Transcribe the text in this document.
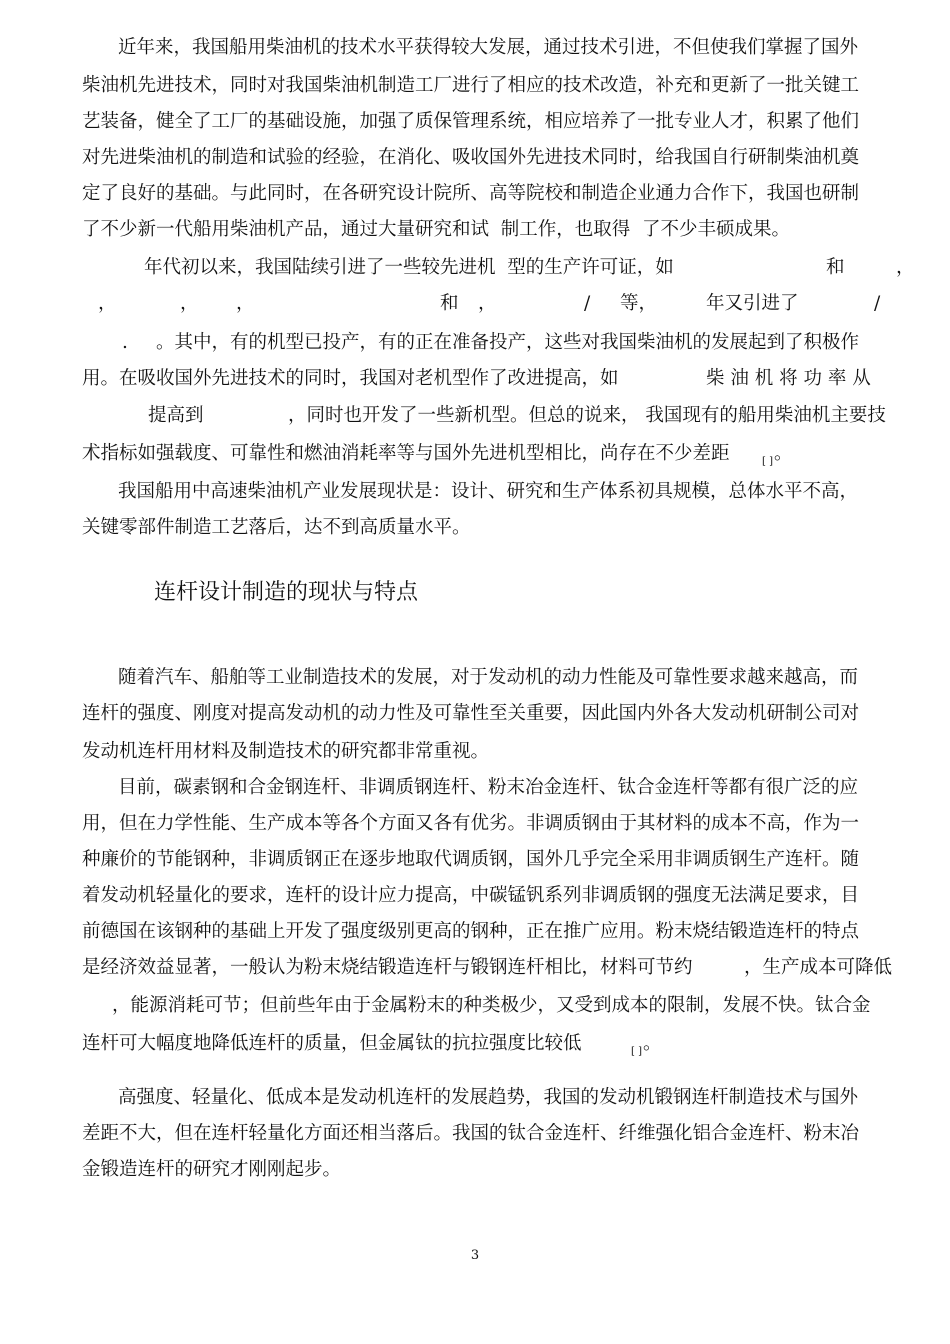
近年来，我国船用柴油机的技术水平获得较大发展，通过技术引进，不但使我们掌握了国外
柴油机先进技术，同时对我国柴油机制造工厂进行了相应的技术改造，补充和更新了一批关键工
艺装备，健全了工厂的基础设施，加强了质保管理系统，相应培养了一批专业人才，积累了他们
对先进柴油机的制造和试验的经验，在消化、吸收国外先进技术同时，给我国自行研制柴油机奠
定了良好的基础。与此同时，在各研究设计院所、高等院校和制造企业通力合作下，我国也研制
了不少新一代船用柴油机产品，通过大量研究和试  制工作，也取得  了不少丰硕成果。
年代初以来，我国陆续引进了一些较先进机  型的生产许可证，如	和	，
，	， ，	和 ，	/ 等，	年又引进了	/
. 。其中，有的机型已投产，有的正在准备投产，这些对我国柴油机的发展起到了积极作
用。在吸收国外先进技术的同时，我国对老机型作了改进提高，如	柴 油 机 将 功 率 从
提高到	，同时也开发了一些新机型。但总的说来， 我国现有的船用柴油机主要技
术指标如强载度、可靠性和燃油消耗率等与国外先进机型相比，尚存在不少差距	[ ] 。
我国船用中高速柴油机产业发展现状是：设计、研究和生产体系初具规模，总体水平不高，
关键零部件制造工艺落后，达不到高质量水平。
连杆设计制造的现状与特点
随着汽车、船舶等工业制造技术的发展，对于发动机的动力性能及可靠性要求越来越高，而
连杆的强度、刚度对提高发动机的动力性及可靠性至关重要，因此国内外各大发动机研制公司对
发动机连杆用材料及制造技术的研究都非常重视。
目前，碳素钢和合金钢连杆、非调质钢连杆、粉末冶金连杆、钛合金连杆等都有很广泛的应
用，但在力学性能、生产成本等各个方面又各有优劣。非调质钢由于其材料的成本不高，作为一
种廉价的节能钢种，非调质钢正在逐步地取代调质钢，国外几乎完全采用非调质钢生产连杆。随
着发动机轻量化的要求，连杆的设计应力提高，中碳锰钒系列非调质钢的强度无法满足要求，目
前德国在该钢种的基础上开发了强度级别更高的钢种，正在推广应用。粉末烧结锻造连杆的特点
是经济效益显著，一般认为粉末烧结锻造连杆与锻钢连杆相比，材料可节约	，生产成本可降低
，能源消耗可节；但前些年由于金属粉末的种类极少，又受到成本的限制，发展不快。钛合金
连杆可大幅度地降低连杆的质量，但金属钛的抗拉强度比较低	[ ] 。
高强度、轻量化、低成本是发动机连杆的发展趋势，我国的发动机锻钢连杆制造技术与国外
差距不大，但在连杆轻量化方面还相当落后。我国的钛合金连杆、纤维强化铝合金连杆、粉末冶
金锻造连杆的研究才刚刚起步。
3
